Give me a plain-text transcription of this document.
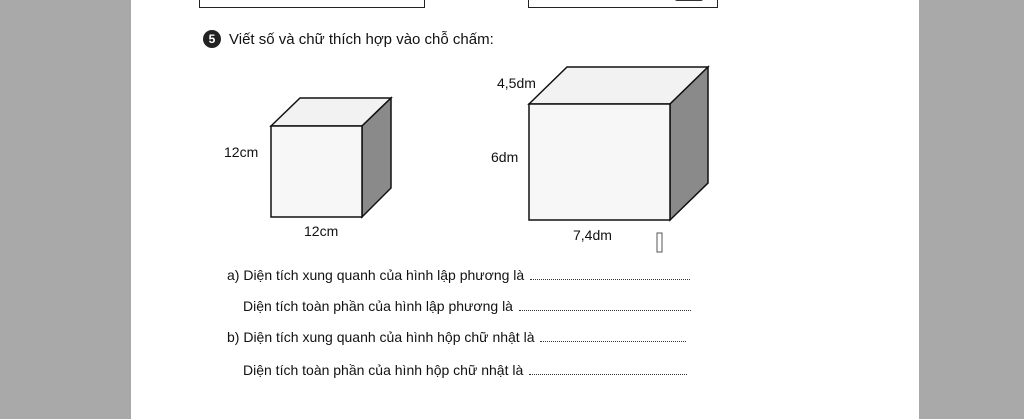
5 Viết số và chữ thích hợp vào chỗ chấm:
12cm
12cm
4,5dm
6dm
7,4dm
a) Diện tích xung quanh của hình lập phương là
Diện tích toàn phần của hình lập phương là
b) Diện tích xung quanh của hình hộp chữ nhật là
Diện tích toàn phần của hình hộp chữ nhật là
